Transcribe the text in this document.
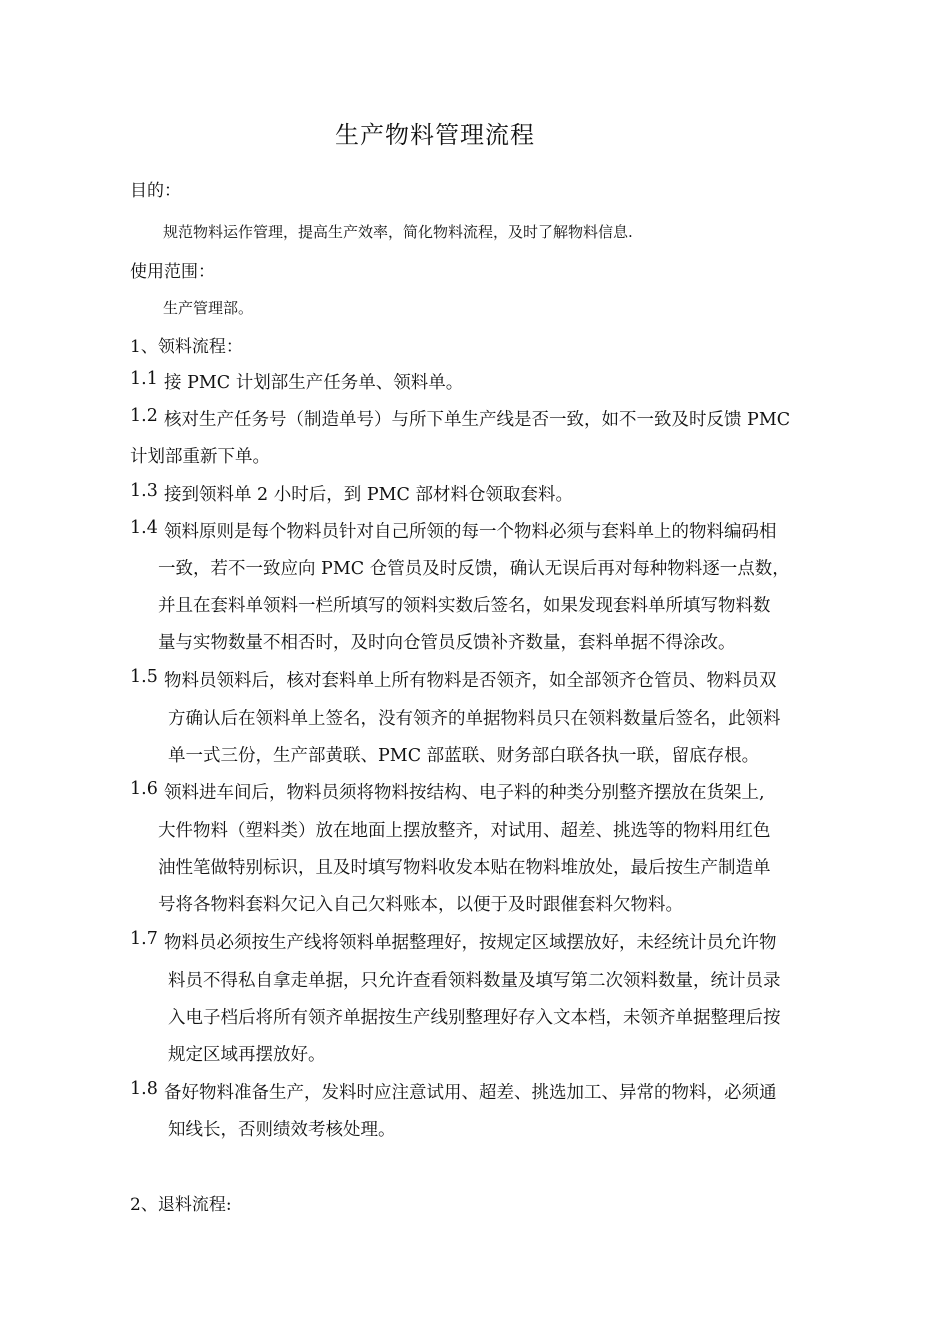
生产物料管理流程
目的：
规范物料运作管理，提高生产效率，简化物料流程，及时了解物料信息.
使用范围：
生产管理部。
1、领料流程：
1.1 接 PMC 计划部生产任务单、领料单。
1.2 核对生产任务号（制造单号）与所下单生产线是否一致，如不一致及时反馈 PMC
计划部重新下单。
1.3 接到领料单 2 小时后，到 PMC 部材料仓领取套料。
1.4 领料原则是每个物料员针对自己所领的每一个物料必须与套料单上的物料编码相
一致，若不一致应向 PMC 仓管员及时反馈，确认无误后再对每种物料逐一点数，
并且在套料单领料一栏所填写的领料实数后签名，如果发现套料单所填写物料数
量与实物数量不相否时，及时向仓管员反馈补齐数量，套料单据不得涂改。
1.5 物料员领料后，核对套料单上所有物料是否领齐，如全部领齐仓管员、物料员双
方确认后在领料单上签名，没有领齐的单据物料员只在领料数量后签名，此领料
单一式三份，生产部黄联、PMC 部蓝联、财务部白联各执一联，留底存根。
1.6 领料进车间后，物料员须将物料按结构、电子料的种类分别整齐摆放在货架上,
大件物料（塑料类）放在地面上摆放整齐，对试用、超差、挑选等的物料用红色
油性笔做特别标识，且及时填写物料收发本贴在物料堆放处，最后按生产制造单
号将各物料套料欠记入自己欠料账本，以便于及时跟催套料欠物料。
1.7 物料员必须按生产线将领料单据整理好，按规定区域摆放好，未经统计员允许物
料员不得私自拿走单据，只允许查看领料数量及填写第二次领料数量，统计员录
入电子档后将所有领齐单据按生产线别整理好存入文本档，未领齐单据整理后按
规定区域再摆放好。
1.8 备好物料准备生产，发料时应注意试用、超差、挑选加工、异常的物料，必须通
知线长，否则绩效考核处理。
2、退料流程:
